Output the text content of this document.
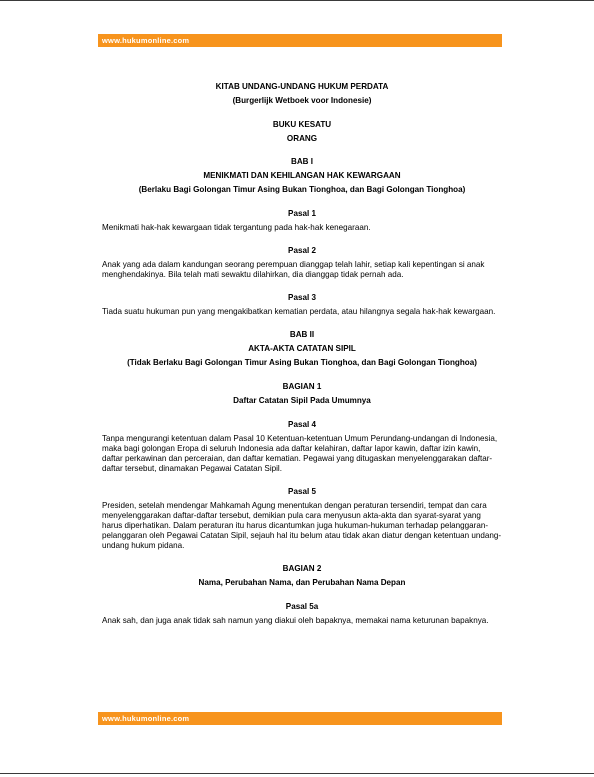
www.hukumonline.com
KITAB UNDANG-UNDANG HUKUM PERDATA
(Burgerlijk Wetboek voor Indonesie)
BUKU KESATU
ORANG
BAB I
MENIKMATI DAN KEHILANGAN HAK KEWARGAAN
(Berlaku Bagi Golongan Timur Asing Bukan Tionghoa, dan Bagi Golongan Tionghoa)
Pasal 1

Menikmati hak-hak kewargaan tidak tergantung pada hak-hak kenegaraan.

Pasal 2

Anak yang ada dalam kandungan seorang perempuan dianggap telah lahir, setiap kali kepentingan si anak menghendakinya. Bila telah mati sewaktu dilahirkan, dia dianggap tidak pernah ada.

Pasal 3

Tiada suatu hukuman pun yang mengakibatkan kematian perdata, atau hilangnya segala hak-hak kewargaan.

BAB II
AKTA-AKTA CATATAN SIPIL
(Tidak Berlaku Bagi Golongan Timur Asing Bukan Tionghoa, dan Bagi Golongan Tionghoa)
BAGIAN 1
Daftar Catatan Sipil Pada Umumnya
Pasal 4

Tanpa mengurangi ketentuan dalam Pasal 10 Ketentuan-ketentuan Umum Perundang-undangan di Indonesia, maka bagi golongan Eropa di seluruh Indonesia ada daftar kelahiran, daftar lapor kawin, daftar izin kawin, daftar perkawinan dan perceraian, dan daftar kematian. Pegawai yang ditugaskan menyelenggarakan daftar-daftar tersebut, dinamakan Pegawai Catatan Sipil.

Pasal 5

Presiden, setelah mendengar Mahkamah Agung menentukan dengan peraturan tersendiri, tempat dan cara menyelenggarakan daftar-daftar tersebut, demikian pula cara menyusun akta-akta dan syarat-syarat yang harus diperhatikan. Dalam peraturan itu harus dicantumkan juga hukuman-hukuman terhadap pelanggaran-pelanggaran oleh Pegawai Catatan Sipil, sejauh hal itu belum atau tidak akan diatur dengan ketentuan undang-undang hukum pidana.

BAGIAN 2
Nama, Perubahan Nama, dan Perubahan Nama Depan
Pasal 5a

Anak sah, dan juga anak tidak sah namun yang diakui oleh bapaknya, memakai nama keturunan bapaknya.

www.hukumonline.com
